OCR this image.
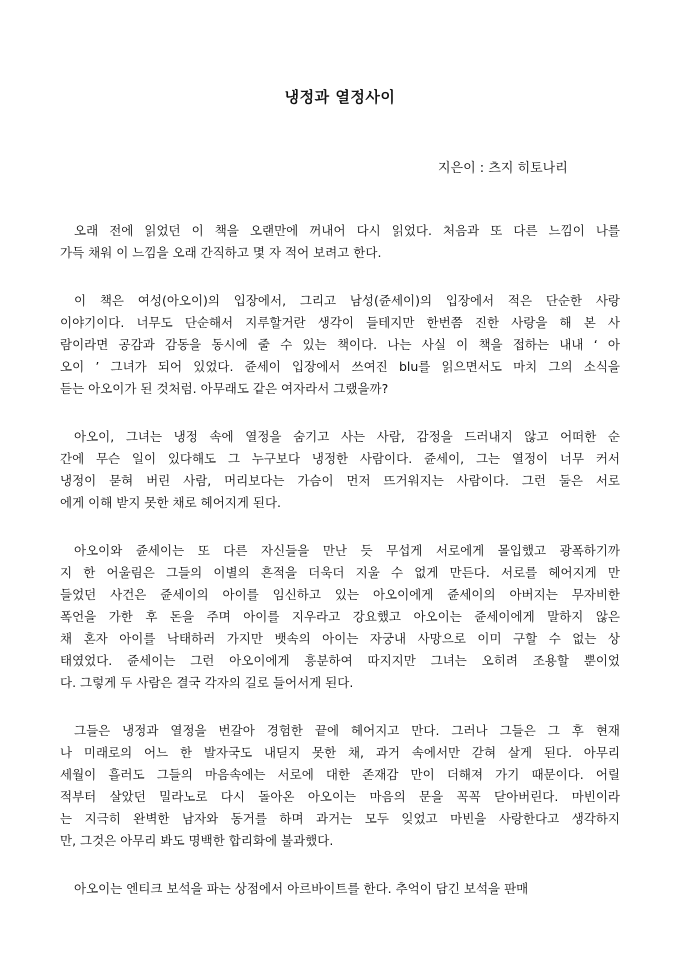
냉정과 열정사이
지은이 : 츠지 히토나리
오래 전에 읽었던 이 책을 오랜만에 꺼내어 다시 읽었다. 처음과 또 다른 느낌이 나를
가득 채워 이 느낌을 오래 간직하고 몇 자 적어 보려고 한다.
이 책은 여성(아오이)의 입장에서, 그리고 남성(쥰세이)의 입장에서 적은 단순한 사랑
이야기이다. 너무도 단순해서 지루할거란 생각이 들테지만 한번쯤 진한 사랑을 해 본 사
람이라면 공감과 감동을 동시에 줄 수 있는 책이다. 나는 사실 이 책을 접하는 내내 ‘ 아
오이 ’ 그녀가 되어 있었다. 쥰세이 입장에서 쓰여진 blu를 읽으면서도 마치 그의 소식을
듣는 아오이가 된 것처럼. 아무래도 같은 여자라서 그랬을까?
아오이, 그녀는 냉정 속에 열정을 숨기고 사는 사람, 감정을 드러내지 않고 어떠한 순
간에 무슨 일이 있다해도 그 누구보다 냉정한 사람이다. 쥰세이, 그는 열정이 너무 커서
냉정이 묻혀 버린 사람, 머리보다는 가슴이 먼저 뜨거워지는 사람이다. 그런 둘은 서로
에게 이해 받지 못한 채로 헤어지게 된다.
아오이와 쥰세이는 또 다른 자신들을 만난 듯 무섭게 서로에게 몰입했고 광폭하기까
지 한 어울림은 그들의 이별의 흔적을 더욱더 지울 수 없게 만든다. 서로를 헤어지게 만
들었던 사건은 쥰세이의 아이를 임신하고 있는 아오이에게 쥰세이의 아버지는 무자비한
폭언을 가한 후 돈을 주며 아이를 지우라고 강요했고 아오이는 쥰세이에게 말하지 않은
채 혼자 아이를 낙태하러 가지만 뱃속의 아이는 자궁내 사망으로 이미 구할 수 없는 상
태였었다. 쥰세이는 그런 아오이에게 흥분하여 따지지만 그녀는 오히려 조용할 뿐이었
다. 그렇게 두 사람은 결국 각자의 길로 들어서게 된다.
그들은 냉정과 열정을 번갈아 경험한 끝에 헤어지고 만다. 그러나 그들은 그 후 현재
나 미래로의 어느 한 발자국도 내딛지 못한 채, 과거 속에서만 갇혀 살게 된다. 아무리
세월이 흘러도 그들의 마음속에는 서로에 대한 존재감 만이 더해져 가기 때문이다. 어릴
적부터 살았던 밀라노로 다시 돌아온 아오이는 마음의 문을 꼭꼭 닫아버린다. 마빈이라
는 지극히 완벽한 남자와 동거를 하며 과거는 모두 잊었고 마빈을 사랑한다고 생각하지
만, 그것은 아무리 봐도 명백한 합리화에 불과했다.
아오이는 엔티크 보석을 파는 상점에서 아르바이트를 한다. 추억이 담긴 보석을 판매
